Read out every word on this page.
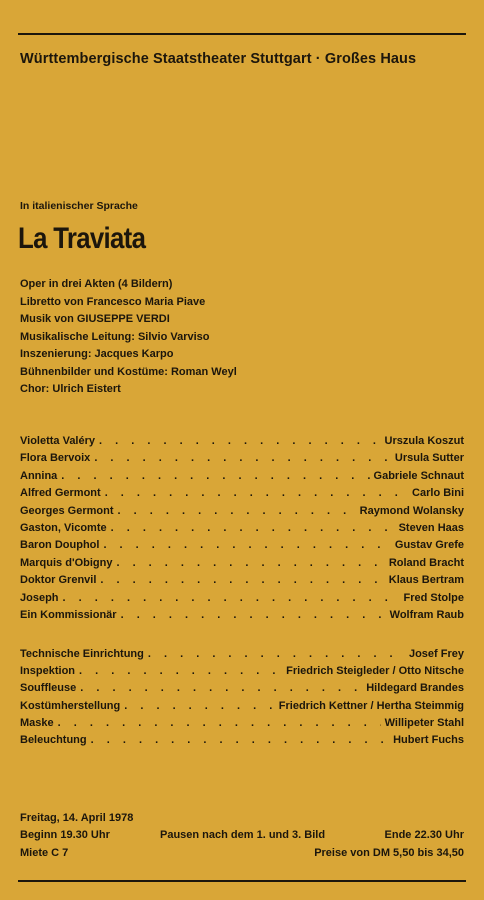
Württembergische Staatstheater Stuttgart · Großes Haus
In italienischer Sprache
La Traviata
Oper in drei Akten (4 Bildern)
Libretto von Francesco Maria Piave
Musik von GIUSEPPE VERDI
Musikalische Leitung: Silvio Varviso
Inszenierung: Jacques Karpo
Bühnenbilder und Kostüme: Roman Weyl
Chor: Ulrich Eistert
Violetta Valéry . . .	Urszula Koszut
Flora Bervoix . . .	Ursula Sutter
Annina . . .	Gabriele Schnaut
Alfred Germont . . .	Carlo Bini
Georges Germont . . .	Raymond Wolansky
Gaston, Vicomte . . .	Steven Haas
Baron Douphol . . .	Gustav Grefe
Marquis d'Obigny . . .	Roland Bracht
Doktor Grenvil . . .	Klaus Bertram
Joseph . . .	Fred Stolpe
Ein Kommissionär . . .	Wolfram Raub
Technische Einrichtung . . .	Josef Frey
Inspektion . . .	Friedrich Steigleder / Otto Nitsche
Souffleuse . . .	Hildegard Brandes
Kostümherstellung . . .	Friedrich Kettner / Hertha Steimmig
Maske . . .	Willipeter Stahl
Beleuchtung . . .	Hubert Fuchs
Freitag, 14. April 1978
Beginn 19.30 Uhr	Pausen nach dem 1. und 3. Bild	Ende 22.30 Uhr
Miete C 7	Preise von DM 5,50 bis 34,50
